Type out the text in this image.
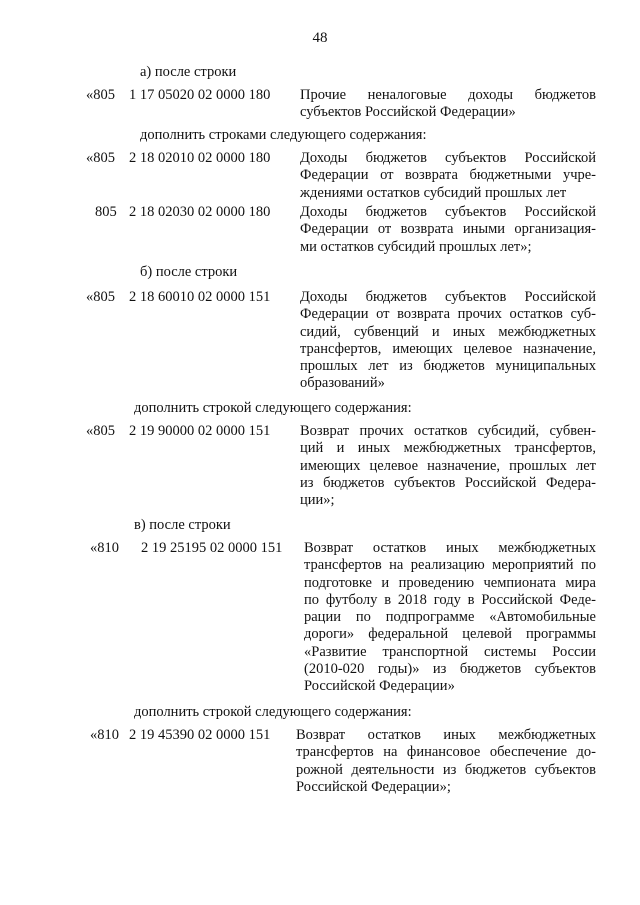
48
а) после строки
«805 1 17 05020 02 0000 180 Прочие неналоговые доходы бюджетов
субъектов Российской Федерации»
дополнить строками следующего содержания:
«805 2 18 02010 02 0000 180 Доходы бюджетов субъектов Российской
Федерации от возврата бюджетными учре-
ждениями остатков субсидий прошлых лет
805 2 18 02030 02 0000 180 Доходы бюджетов субъектов Российской
Федерации от возврата иными организация-
ми остатков субсидий прошлых лет»;
б) после строки
«805 2 18 60010 02 0000 151 Доходы бюджетов субъектов Российской
Федерации от возврата прочих остатков суб-
сидий, субвенций и иных межбюджетных
трансфертов, имеющих целевое назначение,
прошлых лет из бюджетов муниципальных
образований»
дополнить строкой следующего содержания:
«805 2 19 90000 02 0000 151 Возврат прочих остатков субсидий, субвен-
ций и иных межбюджетных трансфертов,
имеющих целевое назначение, прошлых лет
из бюджетов субъектов Российской Федера-
ции»;
в) после строки
«810 2 19 25195 02 0000 151 Возврат остатков иных межбюджетных
трансфертов на реализацию мероприятий по
подготовке и проведению чемпионата мира
по футболу в 2018 году в Российской Феде-
рации по подпрограмме «Автомобильные
дороги» федеральной целевой программы
«Развитие транспортной системы России
(2010-020 годы)» из бюджетов субъектов
Российской Федерации»
дополнить строкой следующего содержания:
«810 2 19 45390 02 0000 151 Возврат остатков иных межбюджетных
трансфертов на финансовое обеспечение до-
рожной деятельности из бюджетов субъектов
Российской Федерации»;
